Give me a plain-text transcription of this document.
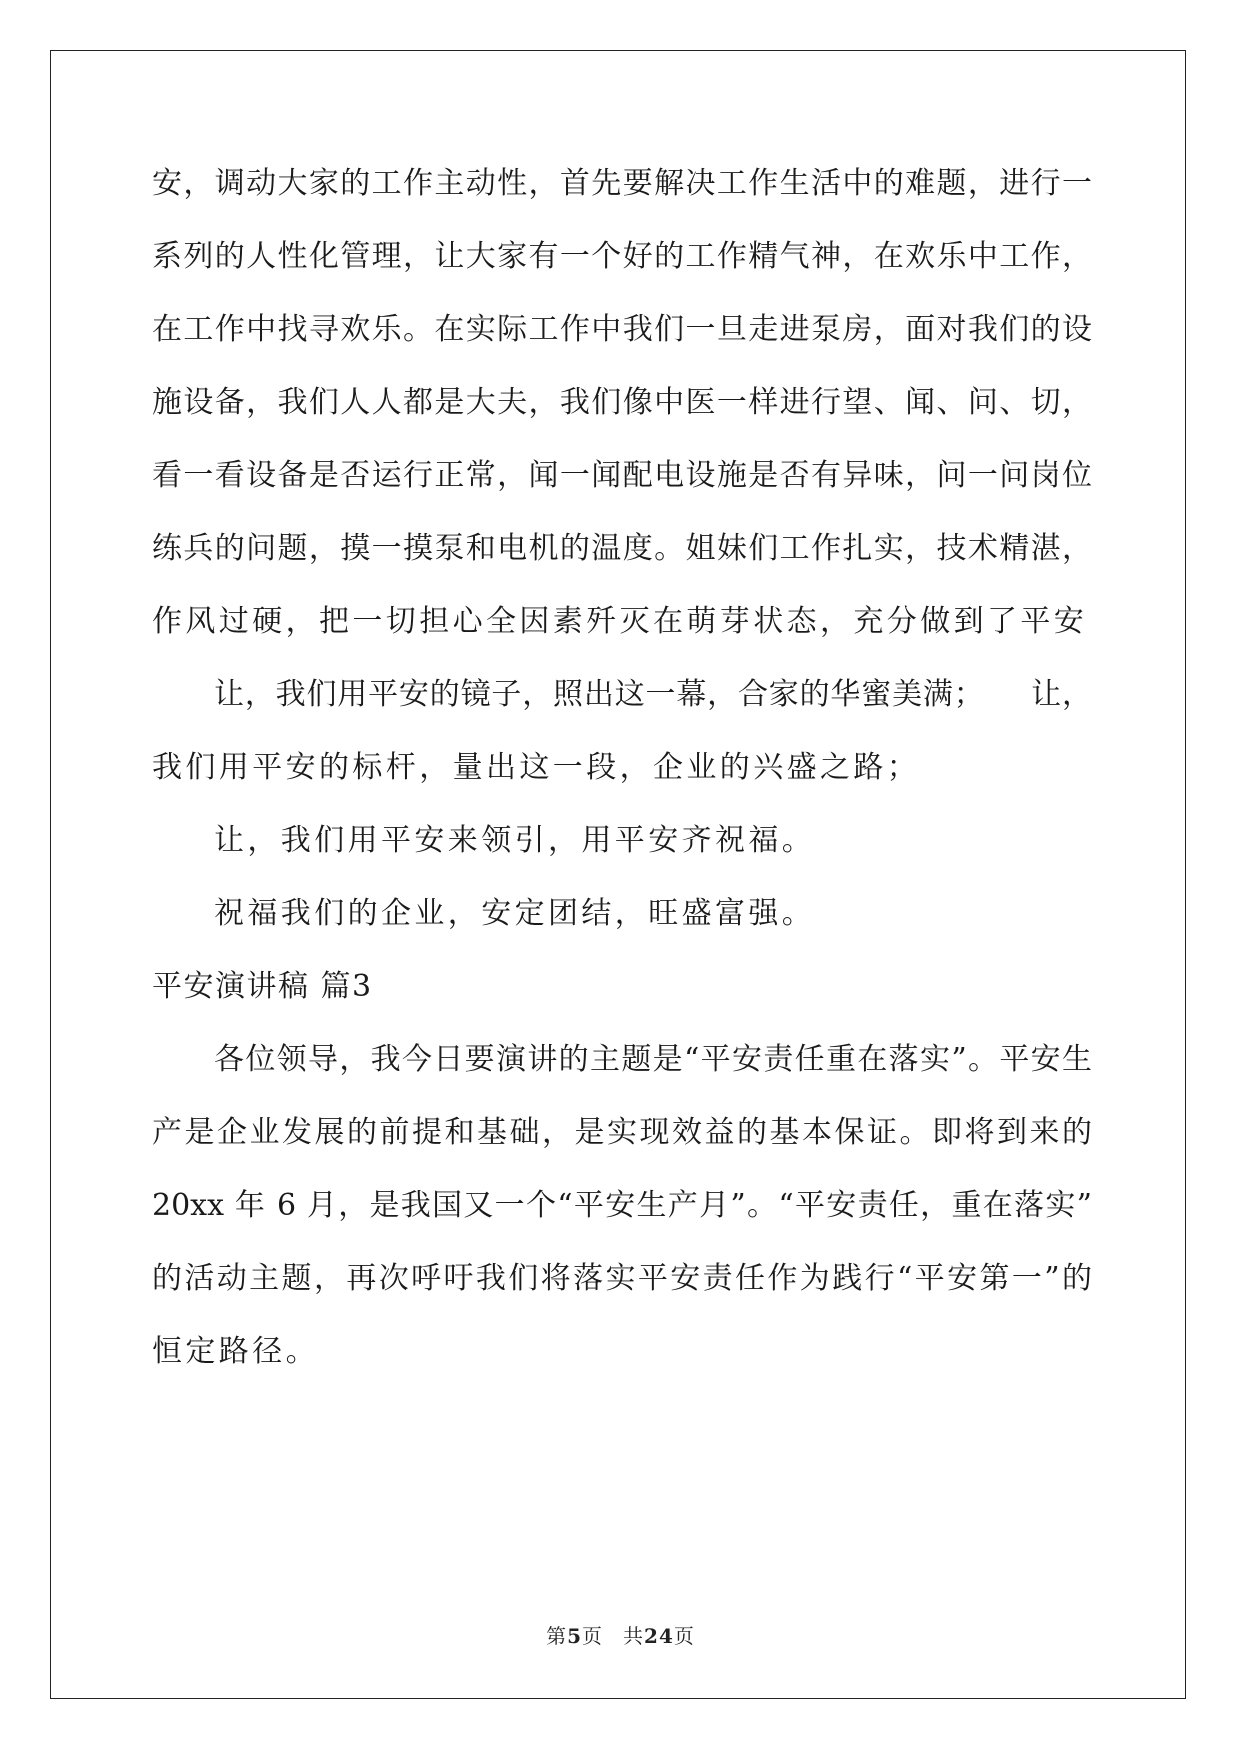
安，调动大家的工作主动性，首先要解决工作生活中的难题，进行一
系列的人性化管理，让大家有一个好的工作精气神，在欢乐中工作，
在工作中找寻欢乐。在实际工作中我们一旦走进泵房，面对我们的设
施设备，我们人人都是大夫，我们像中医一样进行望、闻、问、切，
看一看设备是否运行正常，闻一闻配电设施是否有异味，问一问岗位
练兵的问题，摸一摸泵和电机的温度。姐妹们工作扎实，技术精湛，
作风过硬，把一切担心全因素歼灭在萌芽状态，充分做到了平安
让，我们用平安的镜子，照出这一幕，合家的华蜜美满；　　让，
我们用平安的标杆，量出这一段，企业的兴盛之路；
让，我们用平安来领引，用平安齐祝福。
祝福我们的企业，安定团结，旺盛富强。
平安演讲稿 篇3
各位领导，我今日要演讲的主题是“平安责任重在落实”。平安生
产是企业发展的前提和基础，是实现效益的基本保证。即将到来的
20xx 年 6 月，是我国又一个“平安生产月”。“平安责任，重在落实”
的活动主题，再次呼吁我们将落实平安责任作为践行“平安第一”的
恒定路径。
第5页 共24页
